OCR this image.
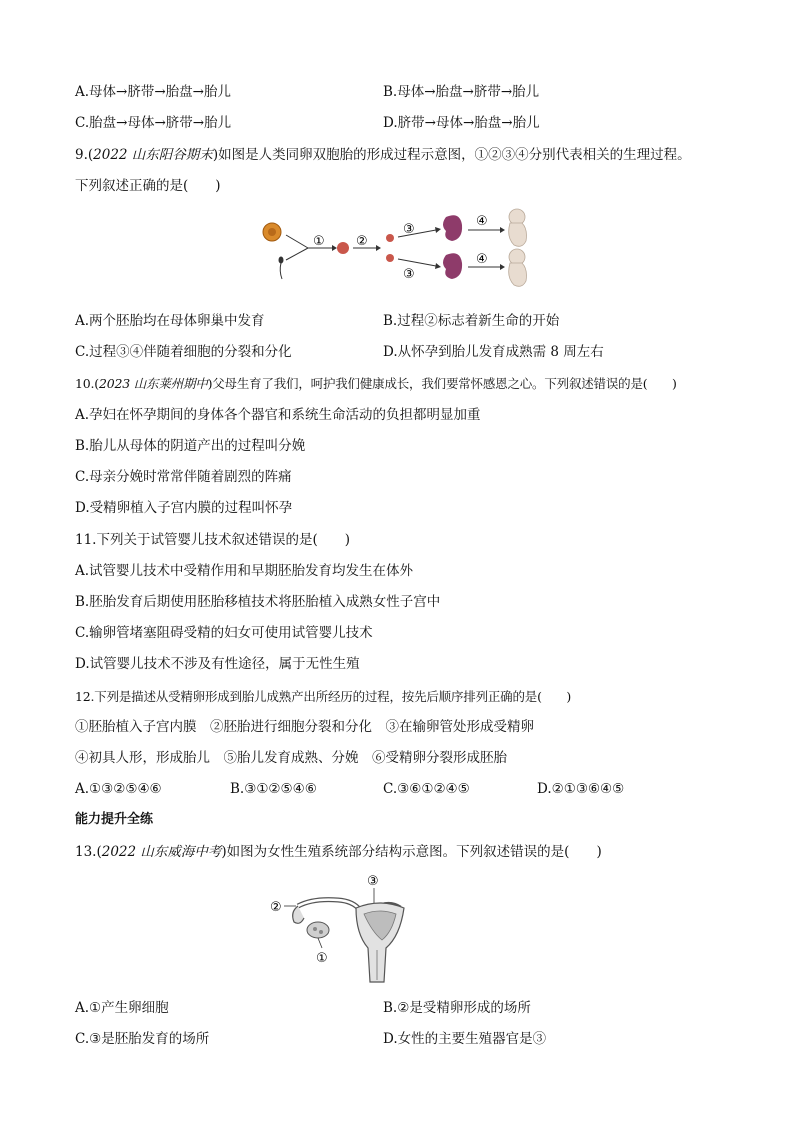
A.母体→脐带→胎盘→胎儿	B.母体→胎盘→脐带→胎儿
C.胎盘→母体→脐带→胎儿	D.脐带→母体→胎盘→胎儿
9.(2022 山东阳谷期末)如图是人类同卵双胞胎的形成过程示意图，①②③④分别代表相关的生理过程。
下列叙述正确的是(　　)
① ②
③
③
④
④
A.两个胚胎均在母体卵巢中发育	B.过程②标志着新生命的开始
C.过程③④伴随着细胞的分裂和分化	D.从怀孕到胎儿发育成熟需 8 周左右
10.(2023 山东莱州期中)父母生育了我们，呵护我们健康成长，我们要常怀感恩之心。下列叙述错误的是(　　)
A.孕妇在怀孕期间的身体各个器官和系统生命活动的负担都明显加重
B.胎儿从母体的阴道产出的过程叫分娩
C.母亲分娩时常常伴随着剧烈的阵痛
D.受精卵植入子宫内膜的过程叫怀孕
11.下列关于试管婴儿技术叙述错误的是(　　)
A.试管婴儿技术中受精作用和早期胚胎发育均发生在体外
B.胚胎发育后期使用胚胎移植技术将胚胎植入成熟女性子宫中
C.输卵管堵塞阻碍受精的妇女可使用试管婴儿技术
D.试管婴儿技术不涉及有性途径，属于无性生殖
12.下列是描述从受精卵形成到胎儿成熟产出所经历的过程，按先后顺序排列正确的是(　　)
①胚胎植入子宫内膜　②胚胎进行细胞分裂和分化　③在输卵管处形成受精卵
④初具人形，形成胎儿　⑤胎儿发育成熟、分娩　⑥受精卵分裂形成胚胎
A.①③②⑤④⑥	B.③①②⑤④⑥	C.③⑥①②④⑤	D.②①③⑥④⑤
能力提升全练
13.(2022 山东威海中考)如图为女性生殖系统部分结构示意图。下列叙述错误的是(　　)
③
②
①
A.①产生卵细胞	B.②是受精卵形成的场所
C.③是胚胎发育的场所	D.女性的主要生殖器官是③
